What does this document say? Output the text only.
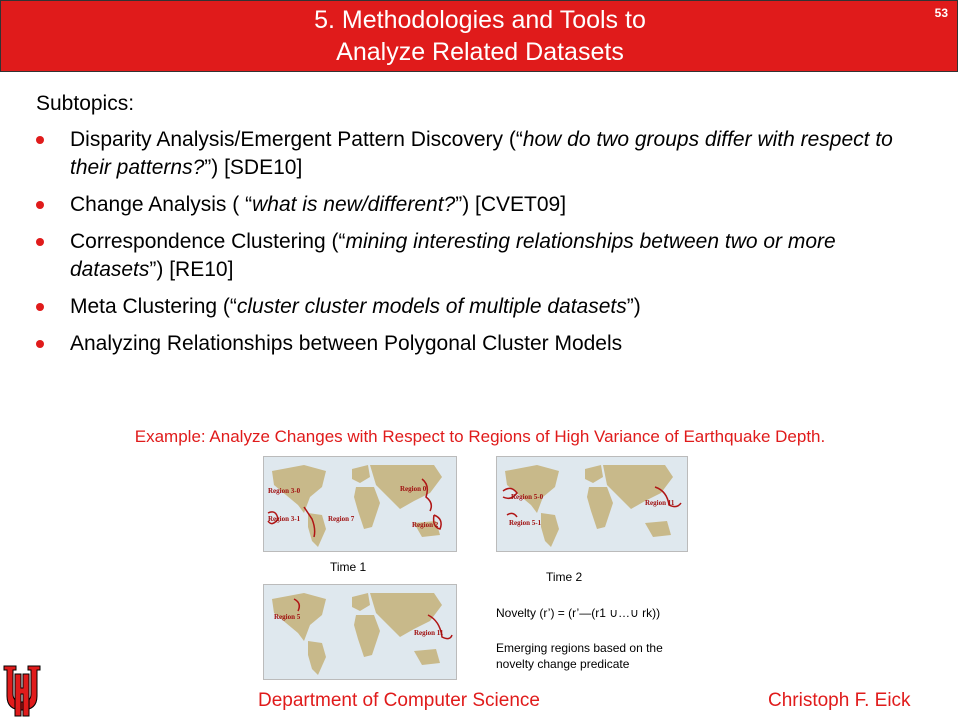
5. Methodologies and Tools to
Analyze Related Datasets
53
Subtopics:
Disparity Analysis/Emergent Pattern Discovery (“how do two groups differ with respect to their patterns?”) [SDE10]
Change Analysis ( “what is new/different?”) [CVET09]
Correspondence Clustering (“mining interesting relationships between two or more datasets”) [RE10]
Meta Clustering (“cluster cluster models of multiple datasets”)
Analyzing Relationships between Polygonal Cluster Models
Example: Analyze Changes with Respect to Regions of High Variance of Earthquake Depth.
Region 3-0	Region 0
Region 3-1	Region 7
Region 2
Time 1
Region 5-0
Region 11
Region 5-1
Time 2
Region 5
Region 11
Novelty (r’) = (r’—(r1 ∪…∪ rk))
Emerging regions based on the
novelty change predicate
Department of Computer Science	Christoph F. Eick
